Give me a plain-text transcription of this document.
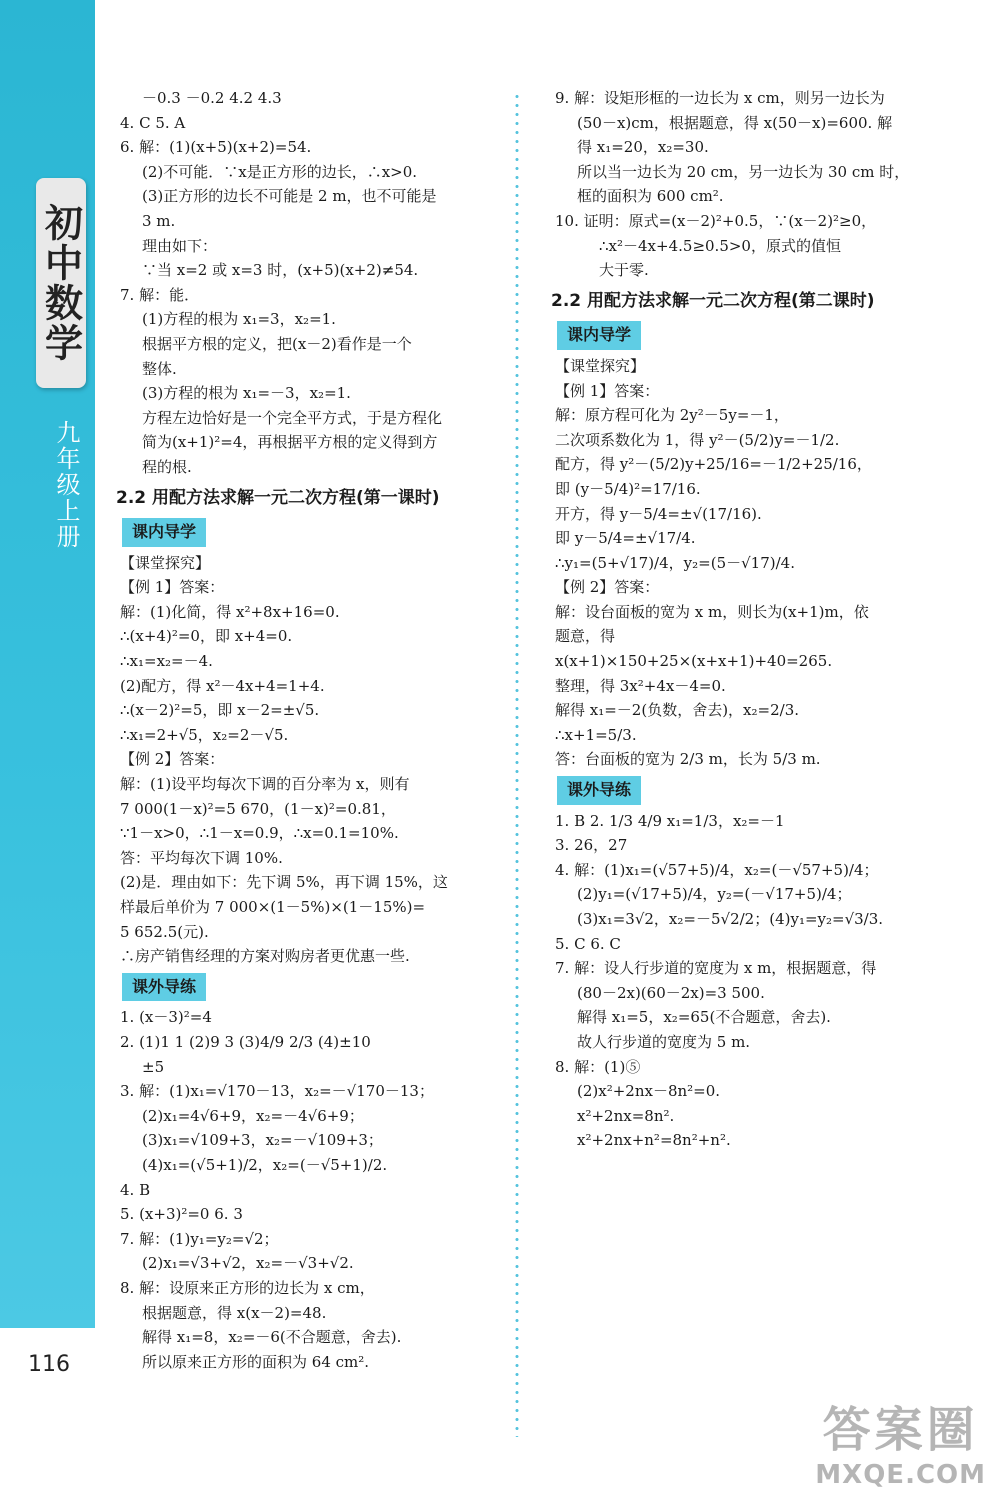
初中数学
九年级上册
116
－0.3 －0.2 4.2 4.3
4. C 5. A
6. 解：(1)(x+5)(x+2)=54.
(2)不可能．∵x是正方形的边长，∴x>0.
(3)正方形的边长不可能是 2 m，也不可能是
3 m.
理由如下：
∵当 x=2 或 x=3 时，(x+5)(x+2)≠54.
7. 解：能．
(1)方程的根为 x₁=3，x₂=1.
根据平方根的定义，把(x－2)看作是一个
整体.
(3)方程的根为 x₁=－3，x₂=1.
方程左边恰好是一个完全平方式，于是方程化
简为(x+1)²=4，再根据平方根的定义得到方
程的根.
2.2 用配方法求解一元二次方程(第一课时)
课内导学
【课堂探究】
【例 1】答案：
解：(1)化简，得 x²+8x+16=0.
∴(x+4)²=0，即 x+4=0.
∴x₁=x₂=－4.
(2)配方，得 x²－4x+4=1+4.
∴(x－2)²=5，即 x－2=±√5.
∴x₁=2+√5，x₂=2－√5.
【例 2】答案：
解：(1)设平均每次下调的百分率为 x，则有
7 000(1－x)²=5 670，(1－x)²=0.81，
∵1－x>0，∴1－x=0.9，∴x=0.1=10%.
答：平均每次下调 10%.
(2)是．理由如下：先下调 5%，再下调 15%，这
样最后单价为 7 000×(1－5%)×(1－15%)=
5 652.5(元).
∴房产销售经理的方案对购房者更优惠一些.
课外导练
1. (x－3)²=4
2. (1)1 1 (2)9 3 (3)4/9 2/3 (4)±10
±5
3. 解：(1)x₁=√170－13，x₂=－√170－13；
(2)x₁=4√6+9，x₂=－4√6+9；
(3)x₁=√109+3，x₂=－√109+3；
(4)x₁=(√5+1)/2，x₂=(－√5+1)/2.
4. B
5. (x+3)²=0 6. 3
7. 解：(1)y₁=y₂=√2；
(2)x₁=√3+√2，x₂=－√3+√2.
8. 解：设原来正方形的边长为 x cm，
根据题意，得 x(x－2)=48.
解得 x₁=8，x₂=－6(不合题意，舍去).
所以原来正方形的面积为 64 cm².
9. 解：设矩形框的一边长为 x cm，则另一边长为
(50－x)cm，根据题意，得 x(50－x)=600. 解
得 x₁=20，x₂=30.
所以当一边长为 20 cm，另一边长为 30 cm 时，
框的面积为 600 cm².
10. 证明：原式=(x－2)²+0.5，∵(x－2)²≥0，
∴x²－4x+4.5≥0.5>0，原式的值恒
大于零.
2.2 用配方法求解一元二次方程(第二课时)
课内导学
【课堂探究】
【例 1】答案：
解：原方程可化为 2y²－5y=－1，
二次项系数化为 1，得 y²－(5/2)y=－1/2.
配方，得 y²－(5/2)y+25/16=－1/2+25/16，
即 (y－5/4)²=17/16.
开方，得 y－5/4=±√(17/16).
即 y－5/4=±√17/4.
∴y₁=(5+√17)/4，y₂=(5－√17)/4.
【例 2】答案：
解：设台面板的宽为 x m，则长为(x+1)m，依
题意，得
x(x+1)×150+25×(x+x+1)+40=265.
整理，得 3x²+4x－4=0.
解得 x₁=－2(负数，舍去)，x₂=2/3.
∴x+1=5/3.
答：台面板的宽为 2/3 m，长为 5/3 m.
课外导练
1. B 2. 1/3 4/9 x₁=1/3，x₂=－1
3. 26，27
4. 解：(1)x₁=(√57+5)/4，x₂=(－√57+5)/4；
(2)y₁=(√17+5)/4，y₂=(－√17+5)/4；
(3)x₁=3√2，x₂=－5√2/2；(4)y₁=y₂=√3/3.
5. C 6. C
7. 解：设人行步道的宽度为 x m，根据题意，得
(80－2x)(60－2x)=3 500.
解得 x₁=5，x₂=65(不合题意，舍去).
故人行步道的宽度为 5 m.
8. 解：(1)⑤
(2)x²+2nx－8n²=0.
x²+2nx=8n².
x²+2nx+n²=8n²+n².
答案圈
MXQE.COM
